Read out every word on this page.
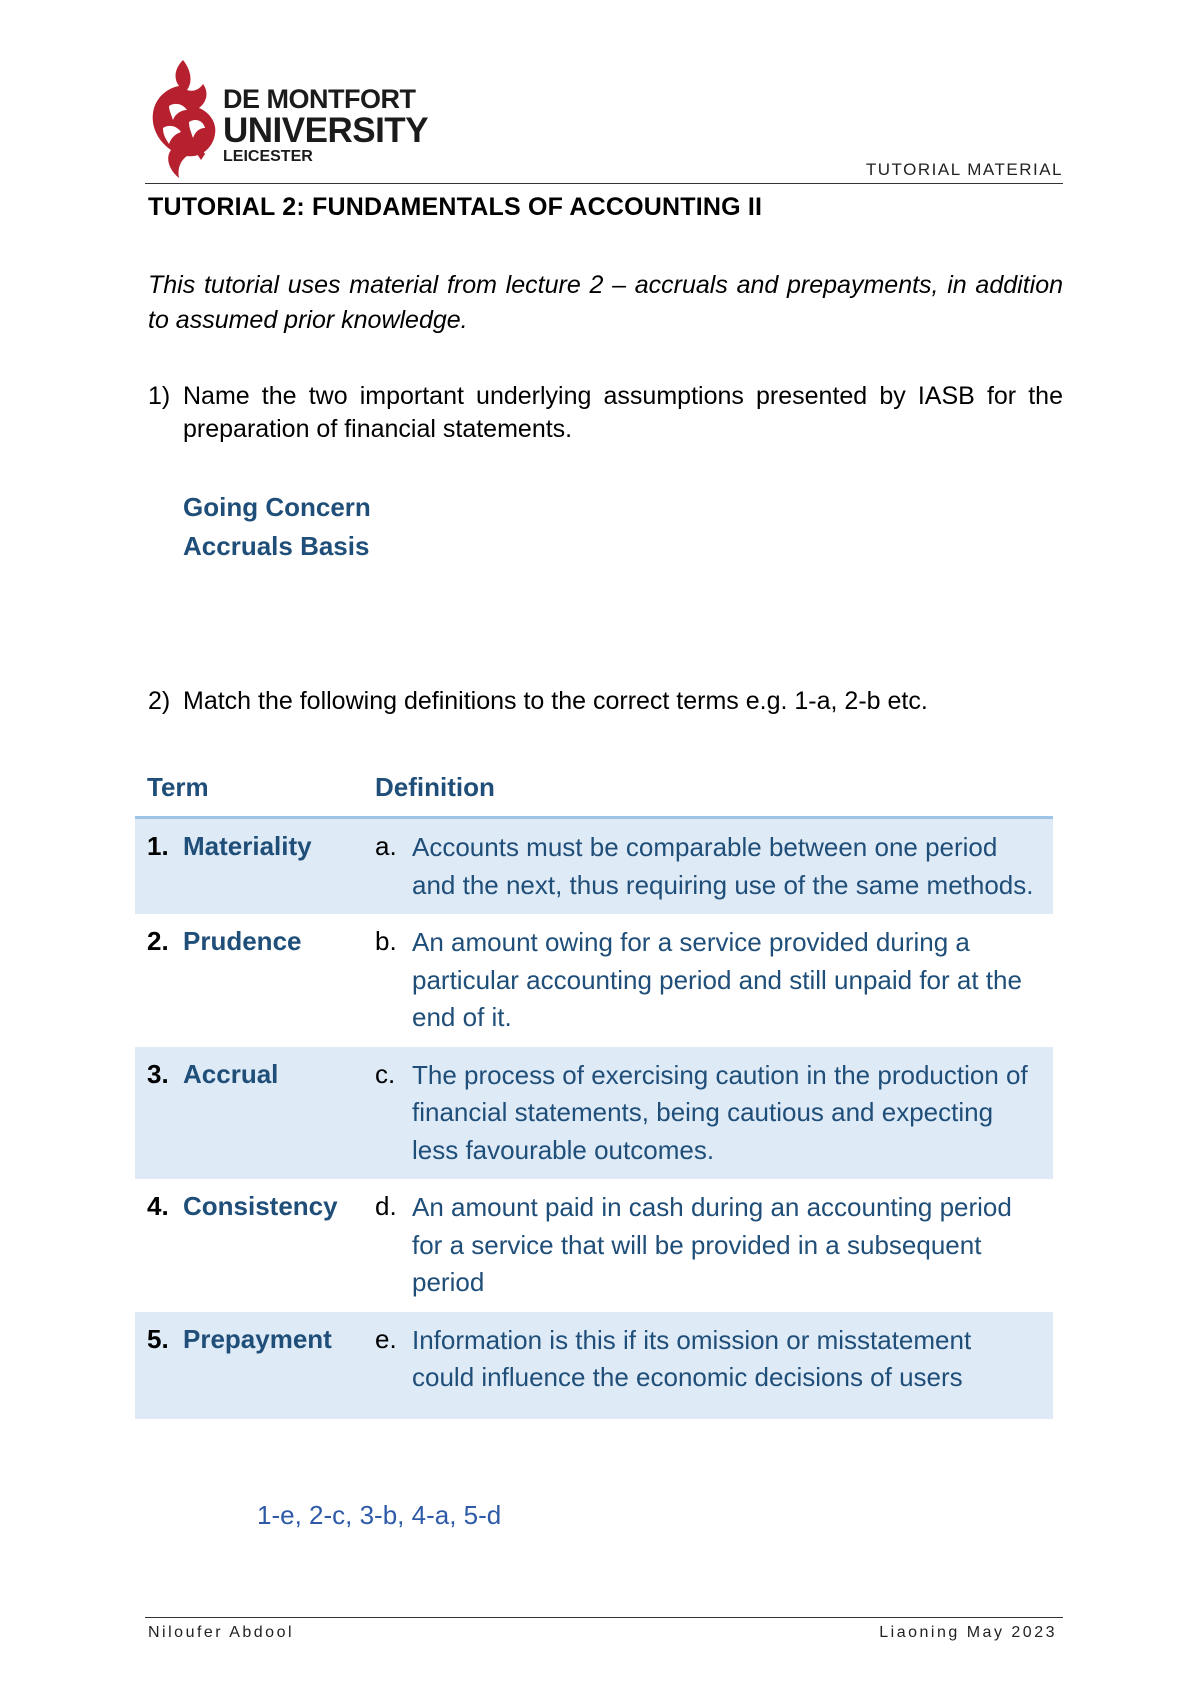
DE MONTFORT
UNIVERSITY
LEICESTER
TUTORIAL MATERIAL
TUTORIAL 2: FUNDAMENTALS OF ACCOUNTING II
This tutorial uses material from lecture 2 – accruals and prepayments, in addition to assumed prior knowledge.
1) Name the two important underlying assumptions presented by IASB for the preparation of financial statements.
Going Concern
Accruals Basis
2) Match the following definitions to the correct terms e.g. 1-a, 2-b etc.
Term	Definition
1. Materiality a. Accounts must be comparable between one period and the next, thus requiring use of the same methods.
2. Prudence	b. An amount owing for a service provided during a particular accounting period and still unpaid for at the end of it.
3. Accrual	c. The process of exercising caution in the production of financial statements, being cautious and expecting less favourable outcomes.
4. Consistency d. An amount paid in cash during an accounting period for a service that will be provided in a subsequent period
5. Prepayment e. Information is this if its omission or misstatement could influence the economic decisions of users
1-e, 2-c, 3-b, 4-a, 5-d
Niloufer Abdool	Liaoning May 2023
